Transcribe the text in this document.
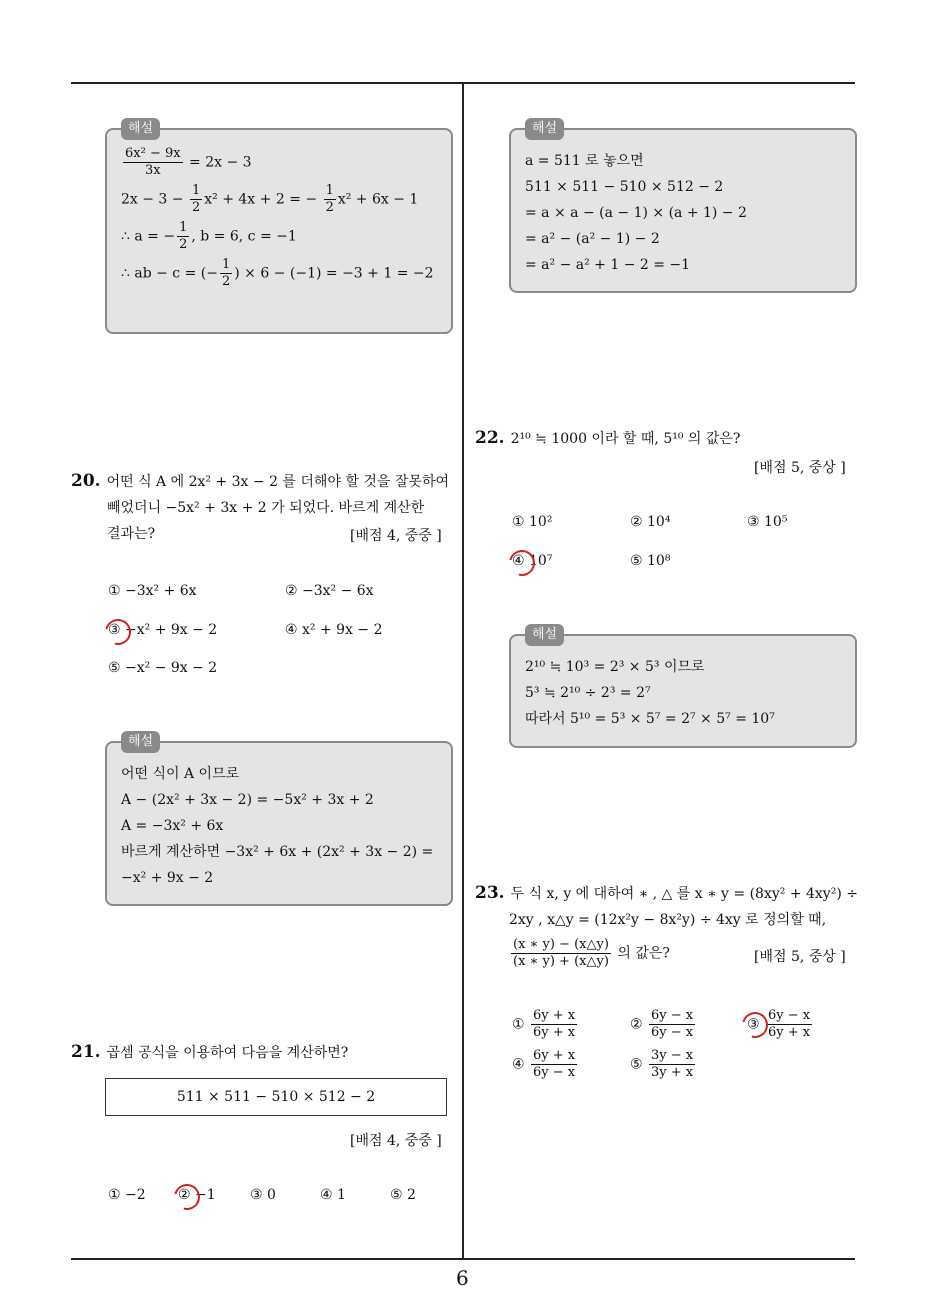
해설
$\frac{\text{6x² − 9x}}{3x} = 2x - 3$
$2x - 3 - \frac{1}{2} x^2 + 4x + 2$ = − $\frac{1}{2} x^2 + 6x - 1$
∴ a = − $\frac{1}{2}$ , b = 6, c = −1
∴ ab − c = (− $\frac{1}{2}$ ) × 6 − (−1) = −3 + 1 = −2
20. 어떤 식 A 에 2x² + 3x − 2 를 더해야 할 것을 잘못하여
빼었더니 −5x² + 3x + 2 가 되었다. 바르게 계산한
결과는?	[배점 4, 중중 ]
① −3x² + 6x	② −3x² − 6x
③ −x² + 9x − 2	④ x² + 9x − 2
⑤ −x² − 9x − 2
해설
어떤 식이 A 이므로
A − (2x² + 3x − 2) = −5x² + 3x + 2
A = −3x² + 6x
바르게 계산하면 −3x² + 6x + (2x² + 3x − 2) =
−x² + 9x − 2
21. 곱셈 공식을 이용하여 다음을 계산하면?
511 × 511 − 510 × 512 − 2
[배점 4, 중중 ]
① −2 ② −1 ③ 0	④ 1	⑤ 2
해설
a = 511 로 놓으면
511 × 511 − 510 × 512 − 2
= a × a − (a − 1) × (a + 1) − 2
= a² − (a² − 1) − 2
= a² − a² + 1 − 2 = −1
22. 2¹⁰ ≒ 1000 이라 할 때, 5¹⁰ 의 값은?
[배점 5, 중상 ]
① 10²	② 10⁴	③ 10⁵
④ 10⁷	⑤ 10⁸
해설
2¹⁰ ≒ 10³ = 2³ × 5³ 이므로
5³ ≒ 2¹⁰ ÷ 2³ = 2⁷
따라서 5¹⁰ = 5³ × 5⁷ = 2⁷ × 5⁷ = 10⁷
23. 두 식 x, y 에 대하여 ∗ , △ 를 x ∗ y = (8xy² + 4xy²) ÷
2xy , x△y = (12x²y − 8x²y) ÷ 4xy 로 정의할 때,
$\frac{(x ∗ y) - (x\triangle y)}{(x ∗ y) + (x\triangle y)}$ 의 값은?	[배점 5, 중상 ]
① $\frac{6y + x}{6y + x}$	② $\frac{6y - x}{6y - x}$	③ $\frac{6y - x}{6y + x}$
④ $\frac{6y + x}{6y - x}$	⑤ $\frac{3y - x}{3y + x}$
6
